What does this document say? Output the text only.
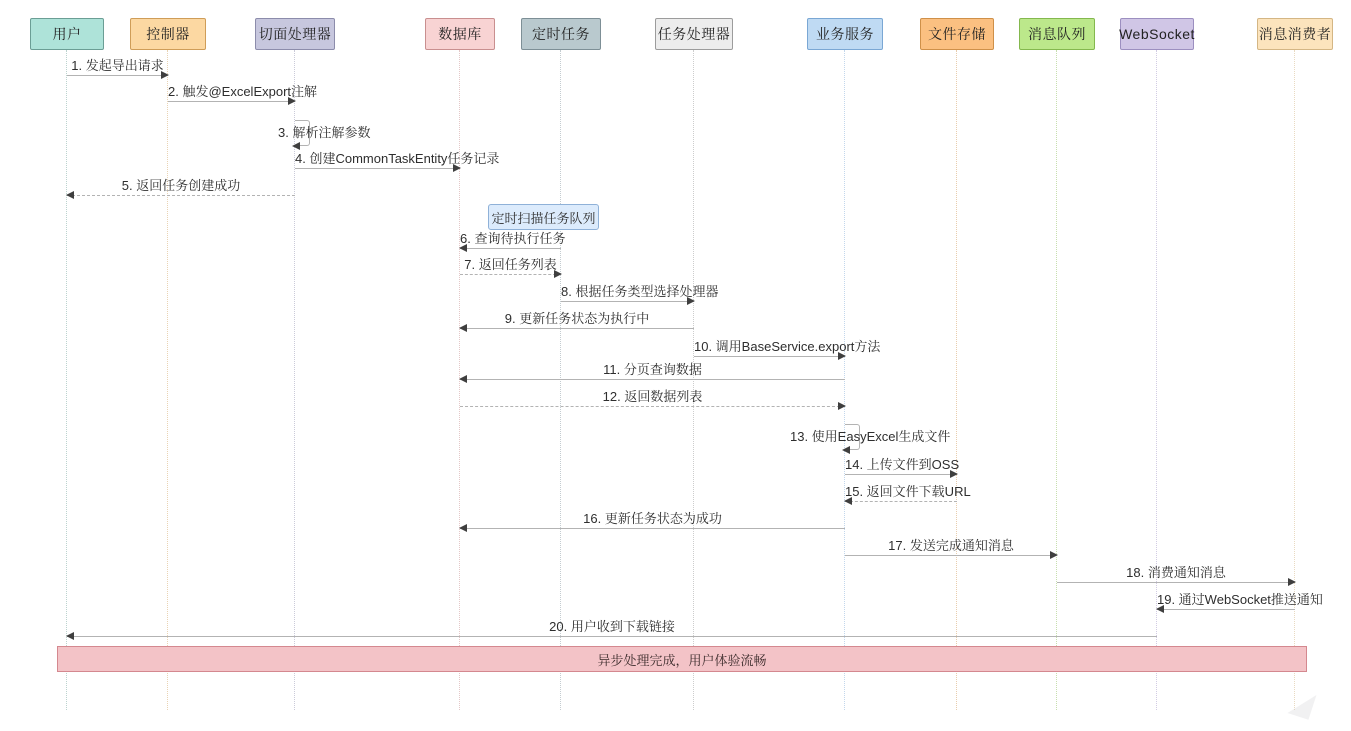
用户	控制器	切面处理器	数据库	定时任务	任务处理器	业务服务	文件存储	消息队列	WebSocket	消息消费者
1. 发起导出请求
2. 触发@ExcelExport注解
3. 解析注解参数
4. 创建CommonTaskEntity任务记录
5. 返回任务创建成功
定时扫描任务队列
6. 查询待执行任务
7. 返回任务列表
8. 根据任务类型选择处理器
9. 更新任务状态为执行中
10. 调用BaseService.export方法
11. 分页查询数据
12. 返回数据列表
13. 使用EasyExcel生成文件
14. 上传文件到OSS
15. 返回文件下载URL
16. 更新任务状态为成功
17. 发送完成通知消息
18. 消费通知消息
19. 通过WebSocket推送通知
20. 用户收到下载链接
异步处理完成，用户体验流畅
